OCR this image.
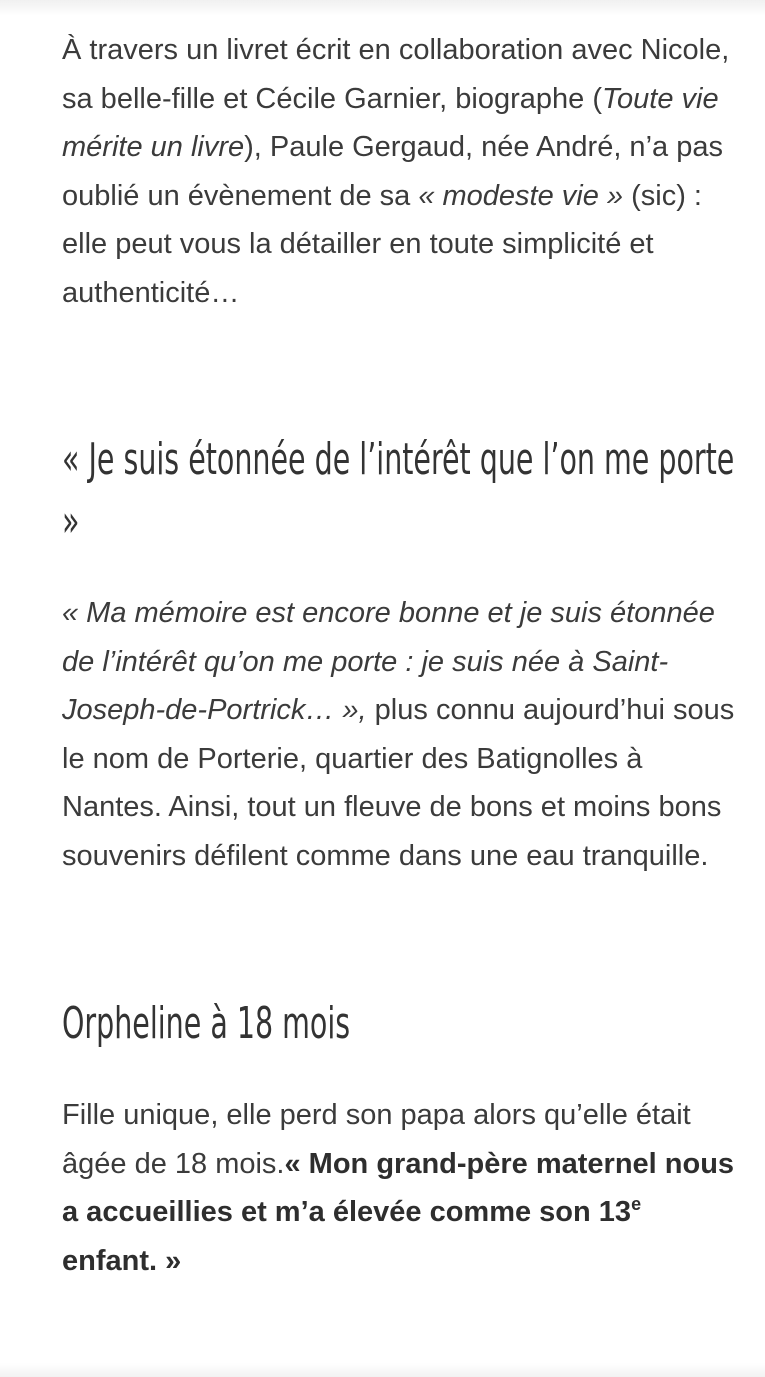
À travers un livret écrit en collaboration avec Nicole, sa belle-fille et Cécile Garnier, biographe (Toute vie mérite un livre), Paule Gergaud, née André, n’a pas oublié un évènement de sa « modeste vie » (sic) : elle peut vous la détailler en toute simplicité et authenticité…

« Je suis étonnée de l’intérêt que l’on me porte »

« Ma mémoire est encore bonne et je suis étonnée de l’intérêt qu’on me porte : je suis née à Saint-Joseph-de-Portrick… », plus connu aujourd’hui sous le nom de Porterie, quartier des Batignolles à Nantes. Ainsi, tout un fleuve de bons et moins bons souvenirs défilent comme dans une eau tranquille.

Orpheline à 18 mois

Fille unique, elle perd son papa alors qu’elle était âgée de 18 mois.« Mon grand-père maternel nous a accueillies et m’a élevée comme son 13e enfant. »
